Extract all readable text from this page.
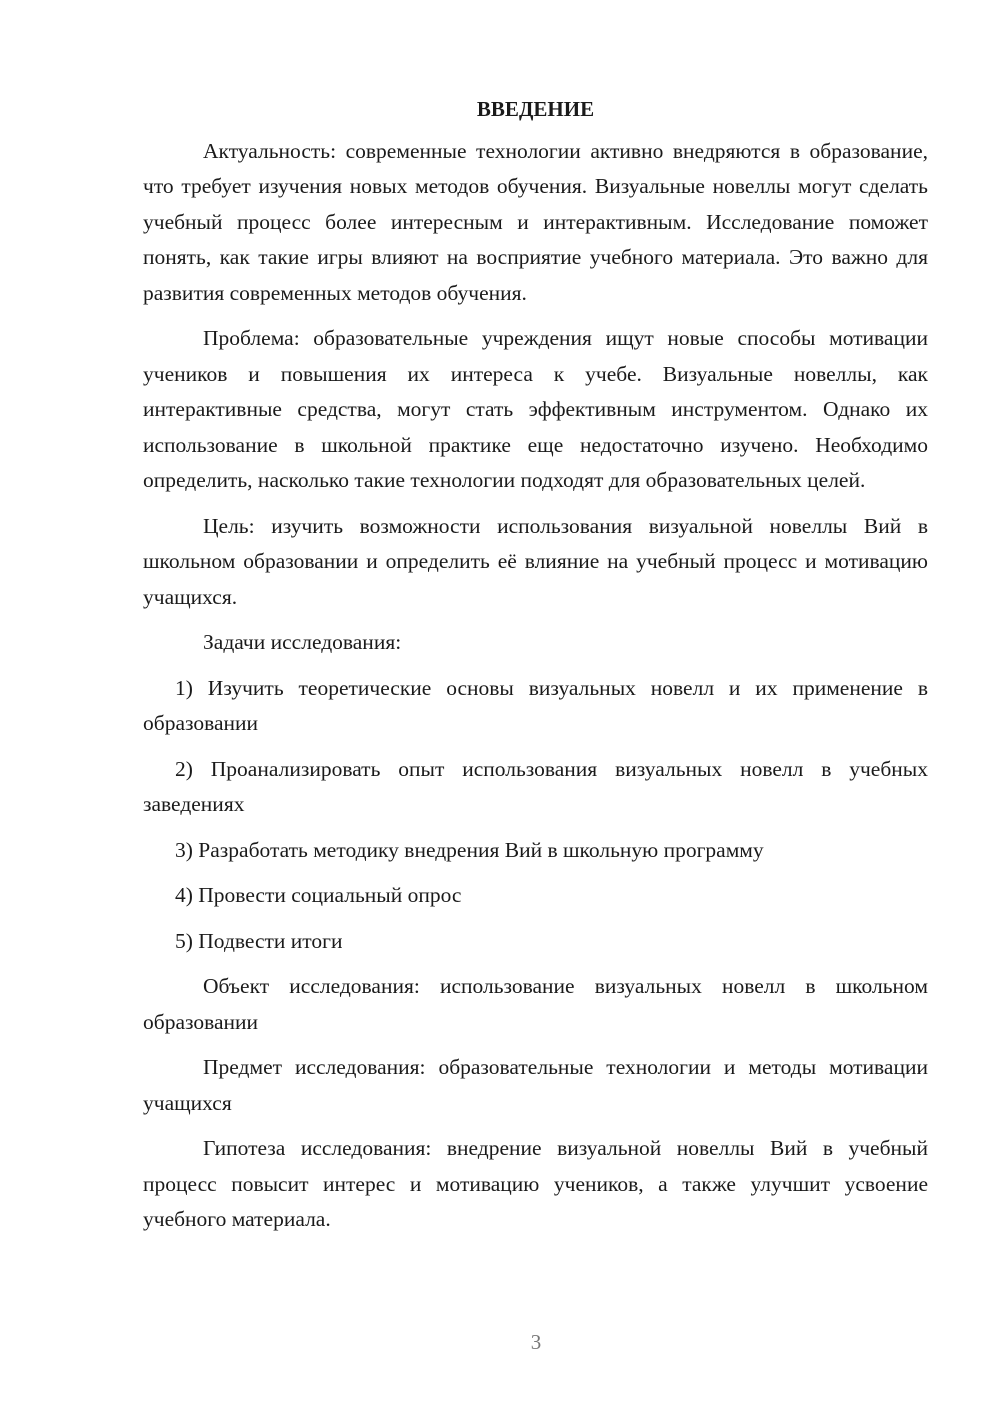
ВВЕДЕНИЕ

Актуальность: современные технологии активно внедряются в образование, что требует изучения новых методов обучения. Визуальные новеллы могут сделать учебный процесс более интересным и интерактивным. Исследование поможет понять, как такие игры влияют на восприятие учебного материала. Это важно для развития современных методов обучения.

Проблема: образовательные учреждения ищут новые способы мотивации учеников и повышения их интереса к учебе. Визуальные новеллы, как интерактивные средства, могут стать эффективным инструментом. Однако их использование в школьной практике еще недостаточно изучено. Необходимо определить, насколько такие технологии подходят для образовательных целей.

Цель: изучить возможности использования визуальной новеллы Вий в школьном образовании и определить её влияние на учебный процесс и мотивацию учащихся.

Задачи исследования:

1) Изучить теоретические основы визуальных новелл и их применение в образовании

2) Проанализировать опыт использования визуальных новелл в учебных заведениях

3) Разработать методику внедрения Вий в школьную программу

4) Провести социальный опрос

5) Подвести итоги

Объект исследования: использование визуальных новелл в школьном образовании

Предмет исследования: образовательные технологии и методы мотивации учащихся

Гипотеза исследования: внедрение визуальной новеллы Вий в учебный процесс повысит интерес и мотивацию учеников, а также улучшит усвоение учебного материала.

3
